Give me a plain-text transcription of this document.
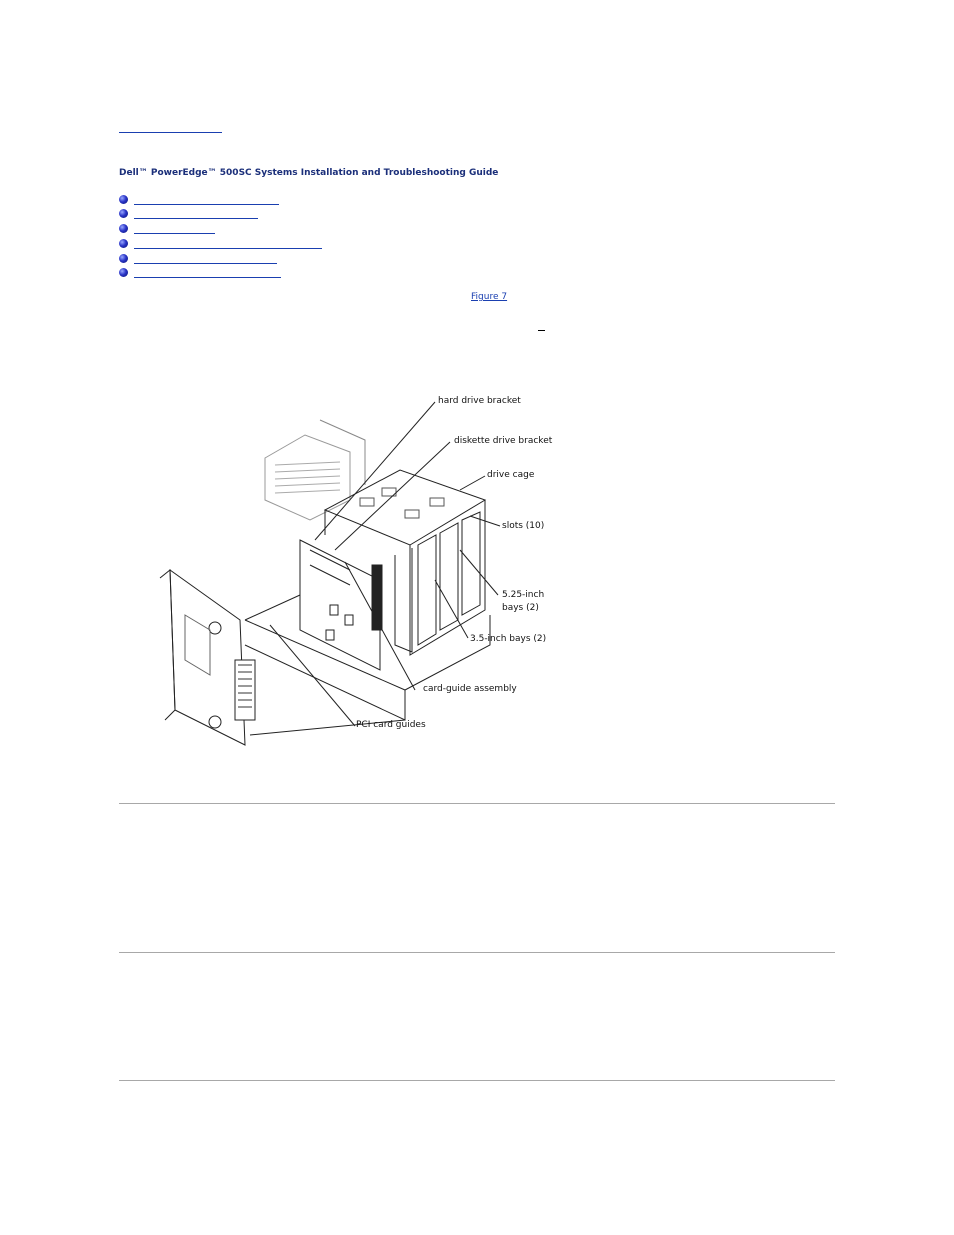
Dell™ PowerEdge™ 500SC Systems Installation and Troubleshooting Guide
Figure 7
hard drive bracket
diskette drive bracket
drive cage
slots (10)
5.25-inch
bays (2)
3.5-inch bays (2)
card-guide assembly
PCI card guides
